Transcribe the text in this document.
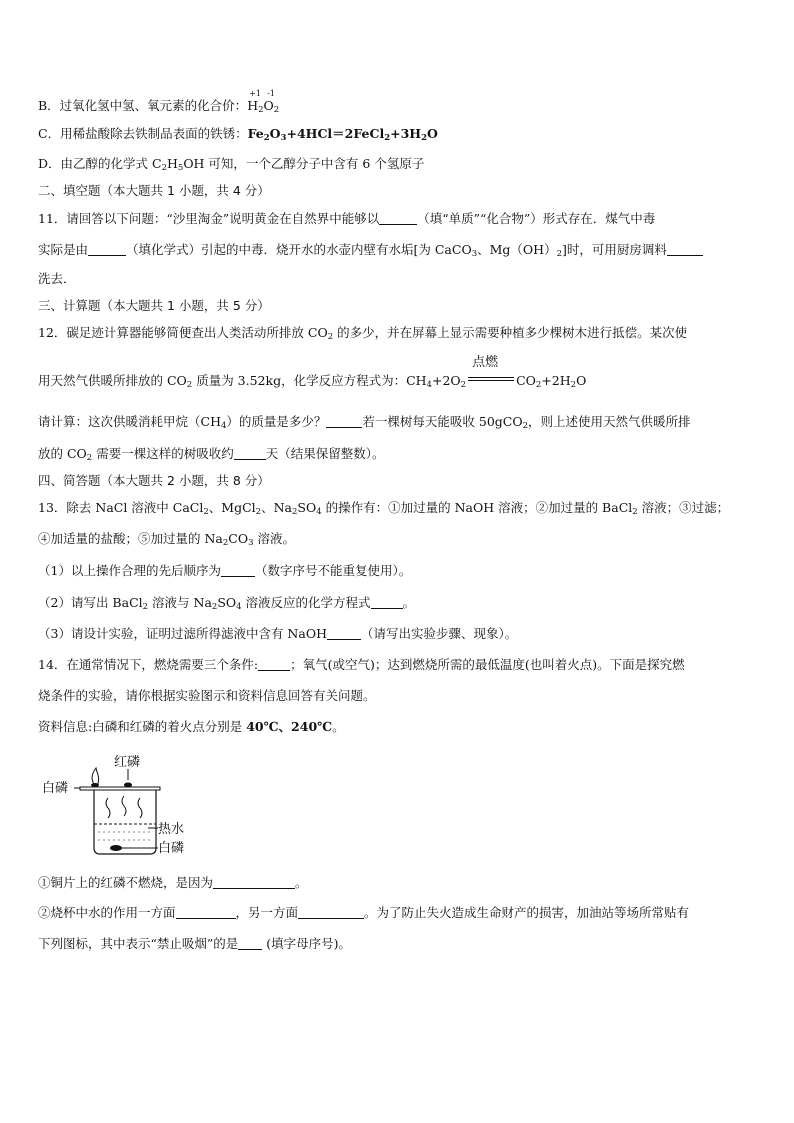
B．过氧化氢中氢、氧元素的化合价：
+1 -1
$H_2O_2$
C．用稀盐酸除去铁制品表面的铁锈：$Fe_2O_3+4HCl=2FeCl_2+3H_2O$
D．由乙醇的化学式 $C_2H_5OH$ 可知，一个乙醇分子中含有 6 个氢原子
二、填空题（本大题共 1 小题，共 4 分）
11．请回答以下问题：“沙里淘金”说明黄金在自然界中能够以	（填“单质”“化合物”）形式存在．煤气中毒
实际是由	（填化学式）引起的中毒．烧开水的水壶内壁有水垢[为 CaCO$_3$、$Mg(OH)_2$]时，可用厨房调料
洗去．
三、计算题（本大题共 1 小题，共 5 分）
12．碳足迹计算器能够简便查出人类活动所排放 $CO_2$ 的多少，并在屏幕上显示需要种植多少棵树木进行抵偿。某次使
用天然气供暖所排放的 $CO_2$ 质量为 3.52kg，化学反应方程式为：$CH_4+2O_2$
点燃
$CO_2+2H_2O$
请计算：这次供暖消耗甲烷$(CH_4)$的质量是多少？	若一棵树每天能吸收 50gCO$_2$，则上述使用天然气供暖所排
放的 $CO_2$ 需要一棵这样的树吸收约	天（结果保留整数）。
四、简答题（本大题共 2 小题，共 8 分）
13．除去 NaCl 溶液中 CaCl$_2$、MgCl$_2$、$Na_2SO_4$ 的操作有：①加过量的 NaOH 溶液；②加过量的 BaCl$_2$ 溶液；③过滤；
④加适量的盐酸；⑤加过量的 $Na_2CO_3$ 溶液。
（1）以上操作合理的先后顺序为	（数字序号不能重复使用）。
（2）请写出 BaCl$_2$ 溶液与 $Na_2SO_4$ 溶液反应的化学方程式	。
（3）请设计实验，证明过滤所得滤液中含有 NaOH	（请写出实验步骤、现象）。
14．在通常情况下，燃烧需要三个条件:	；氧气(或空气)；达到燃烧所需的最低温度(也叫着火点)。下面是探究燃
烧条件的实验，请你根据实验图示和资料信息回答有关问题。
资料信息:白磷和红磷的着火点分别是 40℃、240℃。
红磷
白磷
热水
白磷
①铜片上的红磷不燃烧，是因为	。
②烧杯中水的作用一方面	，另一方面	。为了防止失火造成生命财产的损害，加油站等场所常贴有
下列图标，其中表示“禁止吸烟”的是 (填字母序号)。
